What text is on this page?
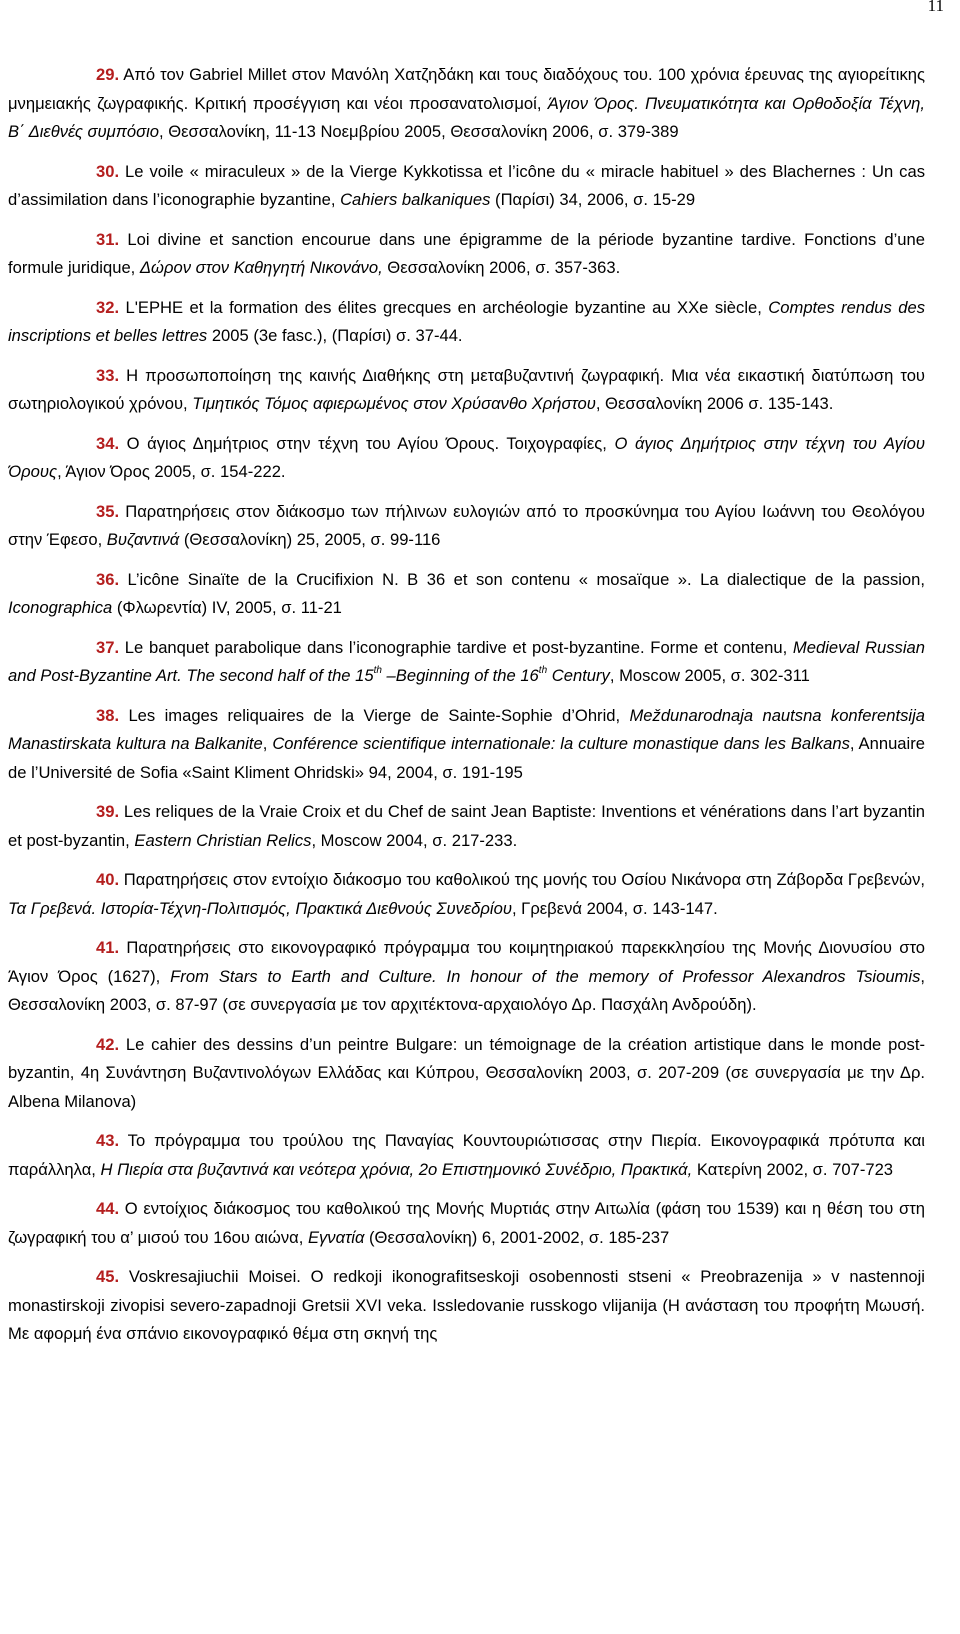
11

29. Από τον Gabriel Millet στον Μανόλη Χατζηδάκη και τους διαδόχους του. 100 χρόνια έρευνας της αγιορείτικης μνημειακής ζωγραφικής. Κριτική προσέγγιση και νέοι προσανατολισμοί, Άγιον Όρος. Πνευματικότητα και Ορθοδοξία Τέχνη, Β΄ Διεθνές συμπόσιο, Θεσσαλονίκη, 11-13 Νοεμβρίου 2005, Θεσσαλονίκη 2006, σ. 379-389

30. Le voile « miraculeux » de la Vierge Kykkotissa et l’icône du « miracle habituel » des Blachernes : Un cas d’assimilation dans l’iconographie byzantine, Cahiers balkaniques (Παρίσι) 34, 2006, σ. 15-29

31. Loi divine et sanction encourue dans une épigramme de la période byzantine tardive. Fonctions d’une formule juridique, Δώρον στον Καθηγητή Νικονάνο, Θεσσαλονίκη 2006, σ. 357-363.

32. L'EPHE et la formation des élites grecques en archéologie byzantine au XXe siècle, Comptes rendus des inscriptions et belles lettres 2005 (3e fasc.), (Παρίσι) σ. 37-44.

33. Η προσωποποίηση της καινής Διαθήκης στη μεταβυζαντινή ζωγραφική. Μια νέα εικαστική διατύπωση του σωτηριολογικού χρόνου, Τιμητικός Τόμος αφιερωμένος στον Χρύσανθο Χρήστου, Θεσσαλονίκη 2006 σ. 135-143.

34. Ο άγιος Δημήτριος στην τέχνη του Αγίου Όρους. Τοιχογραφίες, Ο άγιος Δημήτριος στην τέχνη του Αγίου Όρους, Άγιον Όρος 2005, σ. 154-222.

35. Παρατηρήσεις στον διάκοσμο των πήλινων ευλογιών από το προσκύνημα του Αγίου Ιωάννη του Θεολόγου στην Έφεσο, Βυζαντινά (Θεσσαλονίκη) 25, 2005, σ. 99-116

36. L’icône Sinaïte de la Crucifixion N. B 36 et son contenu « mosaïque ». La dialectique de la passion, Iconographica (Φλωρεντία) IV, 2005, σ. 11-21

37. Le banquet parabolique dans l’iconographie tardive et post-byzantine. Forme et contenu, Medieval Russian and Post-Byzantine Art. The second half of the 15th –Beginning of the 16th Century, Moscow 2005, σ. 302-311

38. Les images reliquaires de la Vierge de Sainte-Sophie d’Ohrid, Meždunarodnaja nautsna konferentsija Manastirskata kultura na Balkanite, Conférence scientifique internationale: la culture monastique dans les Balkans, Annuaire de l’Université de Sofia «Saint Kliment Ohridski» 94, 2004, σ. 191-195

39. Les reliques de la Vraie Croix et du Chef de saint Jean Baptiste: Inventions et vénérations dans l’art byzantin et post-byzantin, Eastern Christian Relics, Moscow 2004, σ. 217-233.

40. Παρατηρήσεις στον εντοίχιο διάκοσμο του καθολικού της μονής του Οσίου Νικάνορα στη Ζάβορδα Γρεβενών, Τα Γρεβενά. Ιστορία-Τέχνη-Πολιτισμός, Πρακτικά Διεθνούς Συνεδρίου, Γρεβενά 2004, σ. 143-147.

41. Παρατηρήσεις στο εικονογραφικό πρόγραμμα του κοιμητηριακού παρεκκλησίου της Μονής Διονυσίου στο Άγιον Όρος (1627), From Stars to Earth and Culture. In honour of the memory of Professor Alexandros Tsioumis, Θεσσαλονίκη 2003, σ. 87-97 (σε συνεργασία με τον αρχιτέκτονα-αρχαιολόγο Δρ. Πασχάλη Ανδρούδη).

42. Le cahier des dessins d’un peintre Bulgare: un témoignage de la création artistique dans le monde post-byzantin, 4η Συνάντηση Βυζαντινολόγων Ελλάδας και Κύπρου, Θεσσαλονίκη 2003, σ. 207-209 (σε συνεργασία με την Δρ. Albena Milanova)

43. Το πρόγραμμα του τρούλου της Παναγίας Κουντουριώτισσας στην Πιερία. Εικονογραφικά πρότυπα και παράλληλα, Η Πιερία στα βυζαντινά και νεότερα χρόνια, 2ο Επιστημονικό Συνέδριο, Πρακτικά, Κατερίνη 2002, σ. 707-723

44. Ο εντοίχιος διάκοσμος του καθολικού της Μονής Μυρτιάς στην Αιτωλία (φάση του 1539) και η θέση του στη ζωγραφική του α’ μισού του 16ου αιώνα, Εγνατία (Θεσσαλονίκη) 6, 2001-2002, σ. 185-237

45. Voskresajiuchii Moisei. O redkoji ikonografitseskoji osobennosti stseni « Preobrazenija » v nastennoji monastirskoji zivopisi severo-zapadnoji Gretsii XVI veka. Issledovanie russkogo vlijanija (Η ανάσταση του προφήτη Μωυσή. Με αφορμή ένα σπάνιο εικονογραφικό θέμα στη σκηνή της
